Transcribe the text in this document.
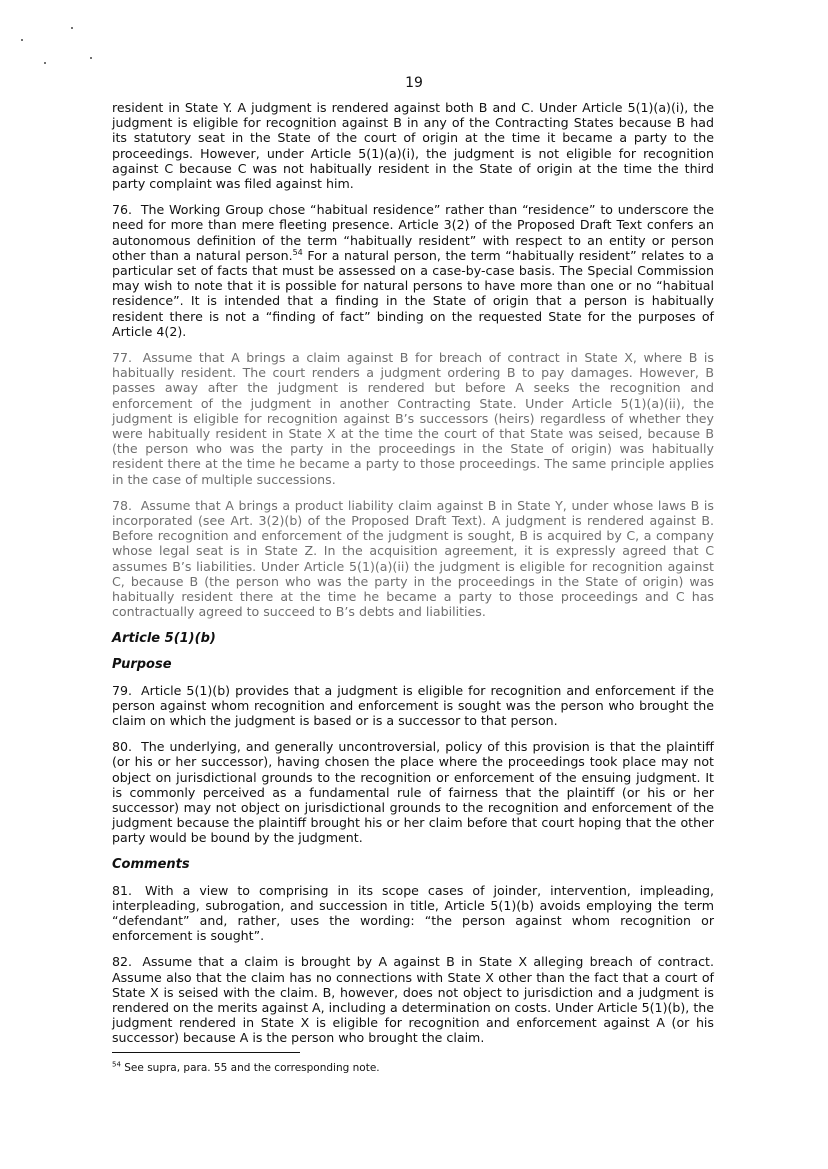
19

resident in State Y. A judgment is rendered against both B and C. Under Article 5(1)(a)(i), the judgment is eligible for recognition against B in any of the Contracting States because B had its statutory seat in the State of the court of origin at the time it became a party to the proceedings. However, under Article 5(1)(a)(i), the judgment is not eligible for recognition against C because C was not habitually resident in the State of origin at the time the third party complaint was filed against him.

76. The Working Group chose “habitual residence” rather than “residence” to underscore the need for more than mere fleeting presence. Article 3(2) of the Proposed Draft Text confers an autonomous definition of the term “habitually resident” with respect to an entity or person other than a natural person.$^{54}$ For a natural person, the term “habitually resident” relates to a particular set of facts that must be assessed on a case-by-case basis. The Special Commission may wish to note that it is possible for natural persons to have more than one or no “habitual residence”. It is intended that a finding in the State of origin that a person is habitually resident there is not a “finding of fact” binding on the requested State for the purposes of Article 4(2).

77. Assume that A brings a claim against B for breach of contract in State X, where B is habitually resident. The court renders a judgment ordering B to pay damages. However, B passes away after the judgment is rendered but before A seeks the recognition and enforcement of the judgment in another Contracting State. Under Article 5(1)(a)(ii), the judgment is eligible for recognition against B’s successors (heirs) regardless of whether they were habitually resident in State X at the time the court of that State was seised, because B (the person who was the party in the proceedings in the State of origin) was habitually resident there at the time he became a party to those proceedings. The same principle applies in the case of multiple successions.

78. Assume that A brings a product liability claim against B in State Y, under whose laws B is incorporated (see Art. 3(2)(b) of the Proposed Draft Text). A judgment is rendered against B. Before recognition and enforcement of the judgment is sought, B is acquired by C, a company whose legal seat is in State Z. In the acquisition agreement, it is expressly agreed that C assumes B’s liabilities. Under Article 5(1)(a)(ii) the judgment is eligible for recognition against C, because B (the person who was the party in the proceedings in the State of origin) was habitually resident there at the time he became a party to those proceedings and C has contractually agreed to succeed to B’s debts and liabilities.

Article 5(1)(b)
Purpose

79. Article 5(1)(b) provides that a judgment is eligible for recognition and enforcement if the person against whom recognition and enforcement is sought was the person who brought the claim on which the judgment is based or is a successor to that person.

80. The underlying, and generally uncontroversial, policy of this provision is that the plaintiff (or his or her successor), having chosen the place where the proceedings took place may not object on jurisdictional grounds to the recognition or enforcement of the ensuing judgment. It is commonly perceived as a fundamental rule of fairness that the plaintiff (or his or her successor) may not object on jurisdictional grounds to the recognition and enforcement of the judgment because the plaintiff brought his or her claim before that court hoping that the other party would be bound by the judgment.

Comments

81. With a view to comprising in its scope cases of joinder, intervention, impleading, interpleading, subrogation, and succession in title, Article 5(1)(b) avoids employing the term “defendant” and, rather, uses the wording: “the person against whom recognition or enforcement is sought”.

82. Assume that a claim is brought by A against B in State X alleging breach of contract. Assume also that the claim has no connections with State X other than the fact that a court of State X is seised with the claim. B, however, does not object to jurisdiction and a judgment is rendered on the merits against A, including a determination on costs. Under Article 5(1)(b), the judgment rendered in State X is eligible for recognition and enforcement against A (or his successor) because A is the person who brought the claim.

$^{54}$ See supra, para. 55 and the corresponding note.
